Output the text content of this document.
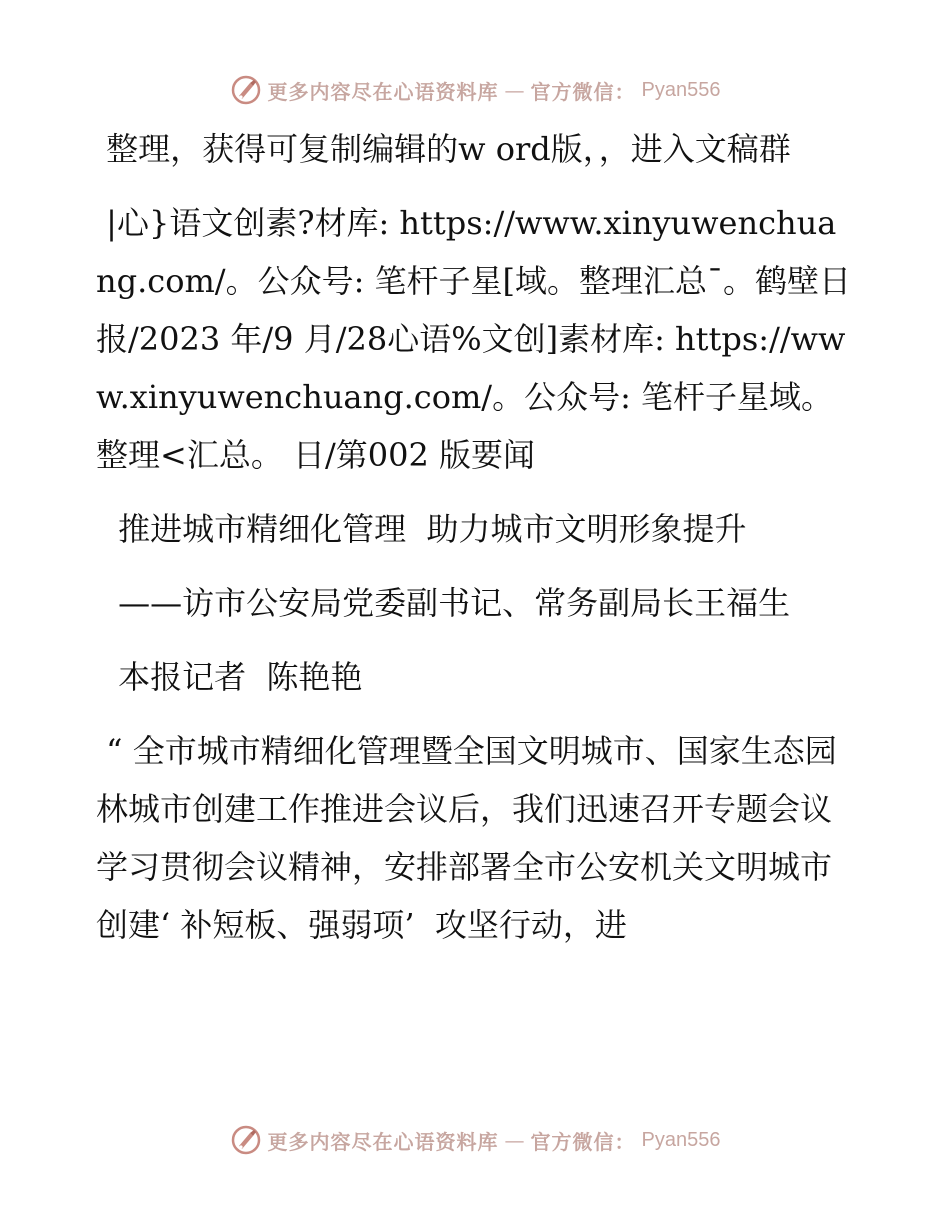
更多内容尽在心语资料库 — 官方微信： Pyan556

整理，获得可复制编辑的w ord版，，进入文稿群

|心}语文创素?材库: https://www.xinyuwenchuang.com/。公众号: 笔杆子星[域。整理汇总¯。鹤壁日报/2023 年/9 月/28心语%文创]素材库: https://www.xinyuwenchuang.com/。公众号: 笔杆子星域。整理<汇总。 日/第002 版要闻

推进城市精细化管理  助力城市文明形象提升

——访市公安局党委副书记、常务副局长王福生

本报记者  陈艳艳

“ 全市城市精细化管理暨全国文明城市、国家生态园林城市创建工作推进会议后，我们迅速召开专题会议学习贯彻会议精神，安排部署全市公安机关文明城市创建‘ 补短板、强弱项’  攻坚行动，进

更多内容尽在心语资料库 — 官方微信： Pyan556
